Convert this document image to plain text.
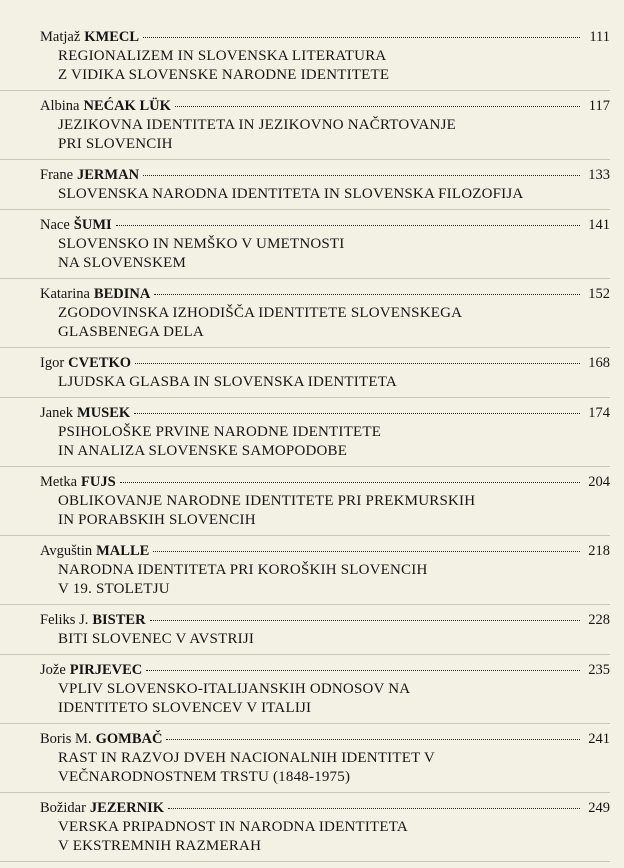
Matjaž KMECL	111
REGIONALIZEM IN SLOVENSKA LITERATURA
Z VIDIKA SLOVENSKE NARODNE IDENTITETE
Albina NEĆAK LÜK	117
JEZIKOVNA IDENTITETA IN JEZIKOVNO NAČRTOVANJE
PRI SLOVENCIH
Frane JERMAN	133
SLOVENSKA NARODNA IDENTITETA IN SLOVENSKA FILOZOFIJA
Nace ŠUMI	141
SLOVENSKO IN NEMŠKO V UMETNOSTI
NA SLOVENSKEM
Katarina BEDINA	152
ZGODOVINSKA IZHODIŠČA IDENTITETE SLOVENSKEGA
GLASBENEGA DELA
Igor CVETKO	168
LJUDSKA GLASBA IN SLOVENSKA IDENTITETA
Janek MUSEK	174
PSIHOLOŠKE PRVINE NARODNE IDENTITETE
IN ANALIZA SLOVENSKE SAMOPODOBE
Metka FUJS	204
OBLIKOVANJE NARODNE IDENTITETE PRI PREKMURSKIH
IN PORABSKIH SLOVENCIH
Avguštin MALLE	218
NARODNA IDENTITETA PRI KOROŠKIH SLOVENCIH
V 19. STOLETJU
Feliks J. BISTER	228
BITI SLOVENEC V AVSTRIJI
Jože PIRJEVEC	235
VPLIV SLOVENSKO-ITALIJANSKIH ODNOSOV NA
IDENTITETO SLOVENCEV V ITALIJI
Boris M. GOMBAČ	241
RAST IN RAZVOJ DVEH NACIONALNIH IDENTITET V
VEČNARODNOSTNEM TRSTU (1848-1975)
Božidar JEZERNIK	249
VERSKA PRIPADNOST IN NARODNA IDENTITETA
V EKSTREMNIH RAZMERAH
